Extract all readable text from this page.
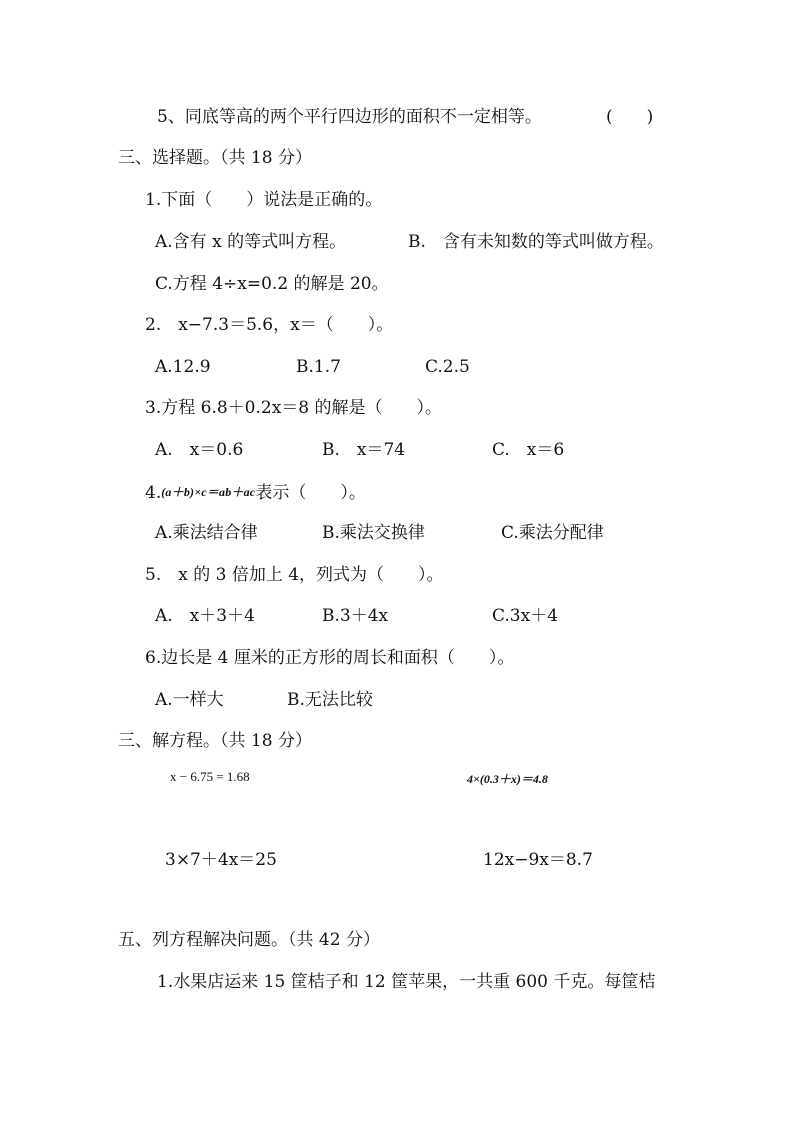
5、同底等高的两个平行四边形的面积不一定相等。	(　　)
三、选择题。（共 18 分）
1.下面（　　）说法是正确的。
A.含有 x 的等式叫方程。	B.　含有未知数的等式叫做方程。
C.方程 4÷x=0.2 的解是 20。
2.　x−7.3＝5.6，x＝（　　）。
A.12.9	B.1.7	C.2.5
3.方程 6.8＋0.2x＝8 的解是（　　）。
A.　x＝0.6	B.　x＝74	C.　x＝6
4.(a＋b)×c＝ab＋ac表示（　　）。
A.乘法结合律	B.乘法交换律	C.乘法分配律
5.　x 的 3 倍加上 4，列式为（　　）。
A.　x＋3＋4	B.3＋4x	C.3x＋4
6.边长是 4 厘米的正方形的周长和面积（　　）。
A.一样大	B.无法比较
三、解方程。（共 18 分）
x − 6.75 = 1.68	4×(0.3＋x)＝4.8
3×7＋4x＝25	12x−9x＝8.7
五、列方程解决问题。（共 42 分）
1.水果店运来 15 筐桔子和 12 筐苹果，一共重 600 千克。每筐桔
